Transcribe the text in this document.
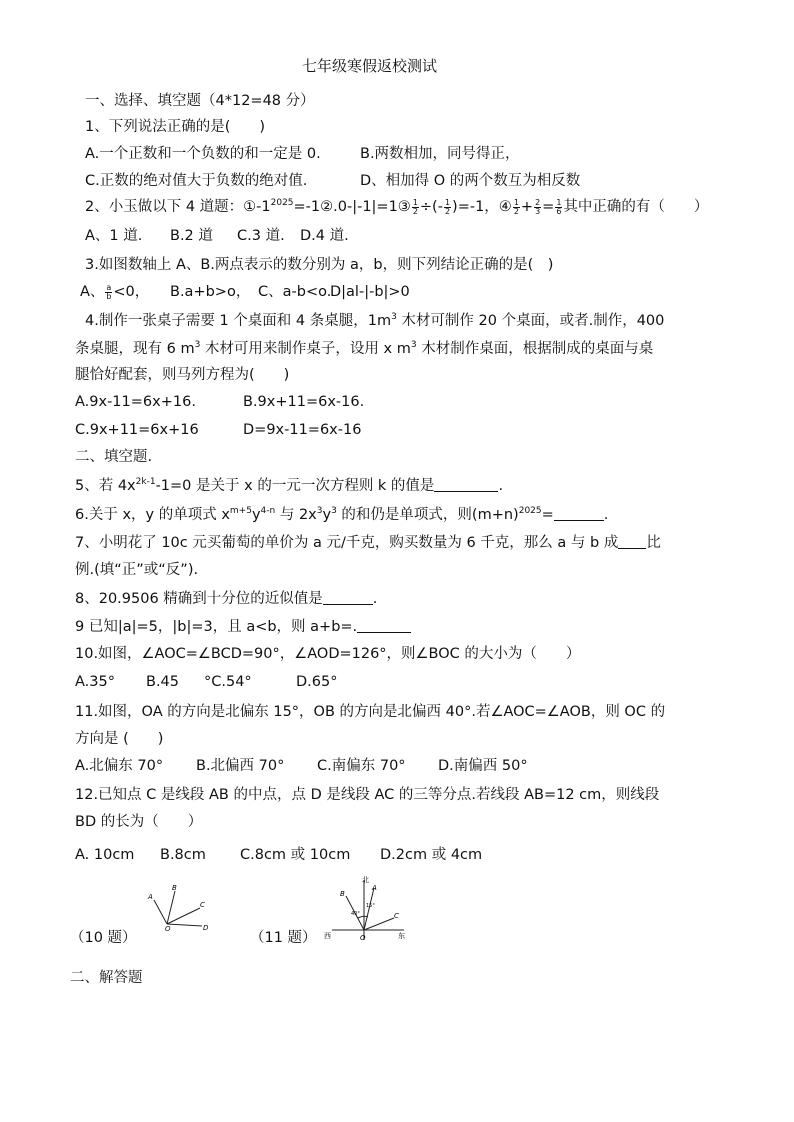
七年级寒假返校测试
一、选择、填空题（4*12=48 分）
1、下列说法正确的是(　　)
A.一个正数和一个负数的和一定是 0.	B.两数相加，同号得正，
C.正数的绝对值大于负数的绝对值.	D、相加得 O 的两个数互为相反数
2、小玉做以下 4 道题：$①-1^{2025}=-1②.0-|-1|=1③ \frac{1}{2}$ ÷(- $\frac{1}{2} )=-1$，④ $\frac{1}{2} + \frac{2}{3} = \frac{1}{6}$ 其中正确的有（　　）
A、1 道. B.2 道 C.3 道. D.4 道.
3.如图数轴上 A、B.两点表示的数分别为 a，b，则下列结论正确的是(　)
A、 $\frac{a}{b} <0$， B.a+b>o， C、a-b<o.
D|al-|-b|>0
4.制作一张桌子需要 1 个桌面和 4 条桌腿，$1m^3$ 木材可制作 20 个桌面，或者.制作，400
条桌腿，现有 6 $m^3$ 木材可用来制作桌子，设用 x $m^3$ 木材制作桌面，根据制成的桌面与桌
腿恰好配套，则马列方程为(　　)
A.9x-11=6x+16.	B.9x+11=6x-16.
C.9x+11=6x+16	D=9x-11=6x-16
二、填空题.
5、若 $4x^{2k-1}-1=0$ 是关于 x 的一元一次方程则 k 的值是	.
6.关于 x，y 的单项式 $x^{m+5}y^{4-n}$ 与 $2x^3y^3$ 的和仍是单项式，则$(m+n)^{2025}=$	.
7、小明花了 10c 元买葡萄的单价为 a 元/千克，购买数量为 6 千克，那么 a 与 b 成 比
例.(填“正”或“反”).
8、20.9506 精确到十分位的近似值是	.
9 已知|a|=5，|b|=3，且 a<b，则 a+b=.
10.如图，∠AOC=∠BCD=90°，∠AOD=126°，则∠BOC 的大小为（　　）
A.35° B.45 °C.54°	D.65°
11.如图，OA 的方向是北偏东 15°，OB 的方向是北偏西 40°.若∠AOC=∠AOB，则 OC 的
方向是 (　　)
A.北偏东 70° B.北偏西 70° C.南偏东 70° D.南偏西 50°
12.已知点 C 是线段 AB 的中点，点 D 是线段 AC 的三等分点.若线段 AB=12 cm，则线段
BD 的长为（　　）
A. 10cm B.8cm C.8cm 或 10cm D.2cm 或 4cm
A
B
C
D
O
（10 题）
北
A
B
C
东
西	O
40°
15°
（11 题）
二、解答题
